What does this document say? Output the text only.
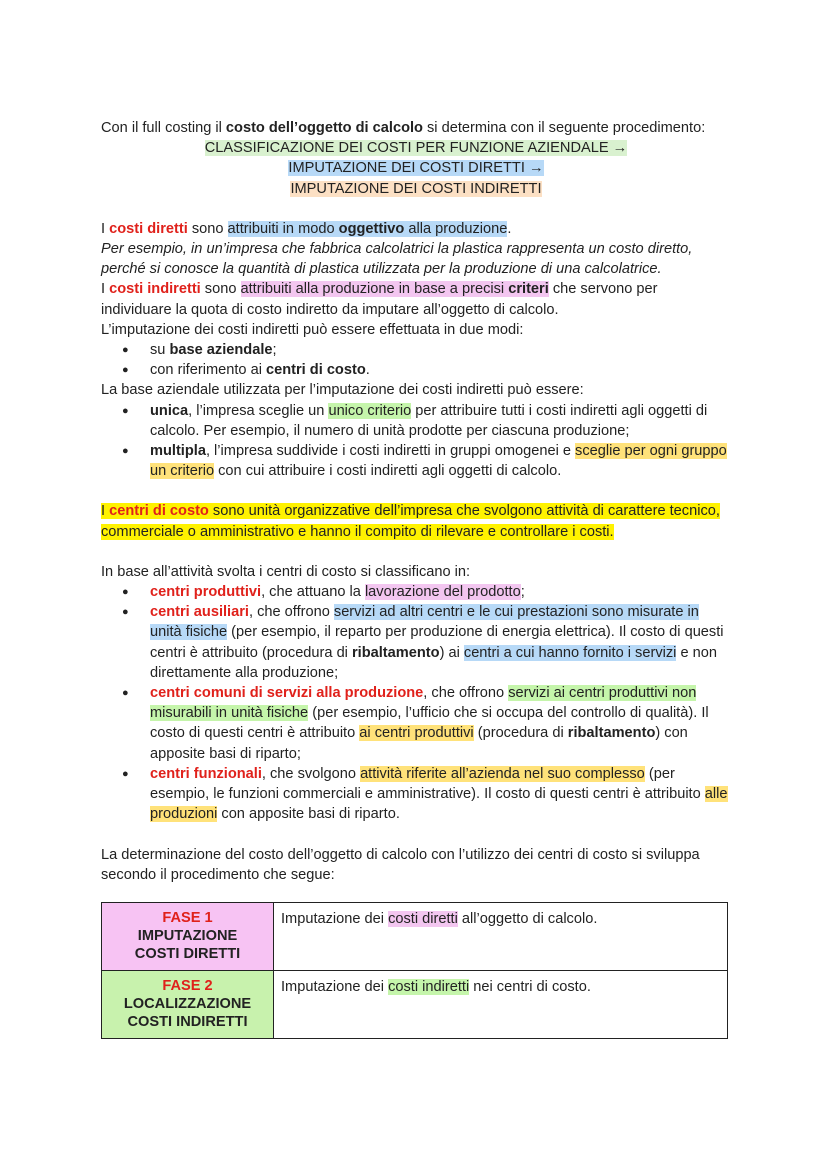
Con il full costing il costo dell’oggetto di calcolo si determina con il seguente procedimento:

CLASSIFICAZIONE DEI COSTI PER FUNZIONE AZIENDALE →

IMPUTAZIONE DEI COSTI DIRETTI →

IMPUTAZIONE DEI COSTI INDIRETTI

I costi diretti sono attribuiti in modo oggettivo alla produzione.

Per esempio, in un’impresa che fabbrica calcolatrici la plastica rappresenta un costo diretto, perché si conosce la quantità di plastica utilizzata per la produzione di una calcolatrice.

I costi indiretti sono attribuiti alla produzione in base a precisi criteri che servono per individuare la quota di costo indiretto da imputare all’oggetto di calcolo.

L’imputazione dei costi indiretti può essere effettuata in due modi:

● su base aziendale;
● con riferimento ai centri di costo.

La base aziendale utilizzata per l’imputazione dei costi indiretti può essere:

● unica, l’impresa sceglie un unico criterio per attribuire tutti i costi indiretti agli oggetti di calcolo. Per esempio, il numero di unità prodotte per ciascuna produzione;
● multipla, l’impresa suddivide i costi indiretti in gruppi omogenei e sceglie per ogni gruppo un criterio con cui attribuire i costi indiretti agli oggetti di calcolo.

I centri di costo sono unità organizzative dell’impresa che svolgono attività di carattere tecnico, commerciale o amministrativo e hanno il compito di rilevare e controllare i costi.

In base all’attività svolta i centri di costo si classificano in:

● centri produttivi, che attuano la lavorazione del prodotto;
● centri ausiliari, che offrono servizi ad altri centri e le cui prestazioni sono misurate in unità fisiche (per esempio, il reparto per produzione di energia elettrica). Il costo di questi centri è attribuito (procedura di ribaltamento) ai centri a cui hanno fornito i servizi e non direttamente alla produzione;
● centri comuni di servizi alla produzione, che offrono servizi ai centri produttivi non misurabili in unità fisiche (per esempio, l’ufficio che si occupa del controllo di qualità). Il costo di questi centri è attribuito ai centri produttivi (procedura di ribaltamento) con apposite basi di riparto;
● centri funzionali, che svolgono attività riferite all’azienda nel suo complesso (per esempio, le funzioni commerciali e amministrative). Il costo di questi centri è attribuito alle produzioni con apposite basi di riparto.

La determinazione del costo dell’oggetto di calcolo con l’utilizzo dei centri di costo si sviluppa secondo il procedimento che segue:

FASE 1
IMPUTAZIONE
COSTI DIRETTI	Imputazione dei costi diretti all’oggetto di calcolo.

FASE 2
LOCALIZZAZIONE
COSTI INDIRETTI	Imputazione dei costi indiretti nei centri di costo.
